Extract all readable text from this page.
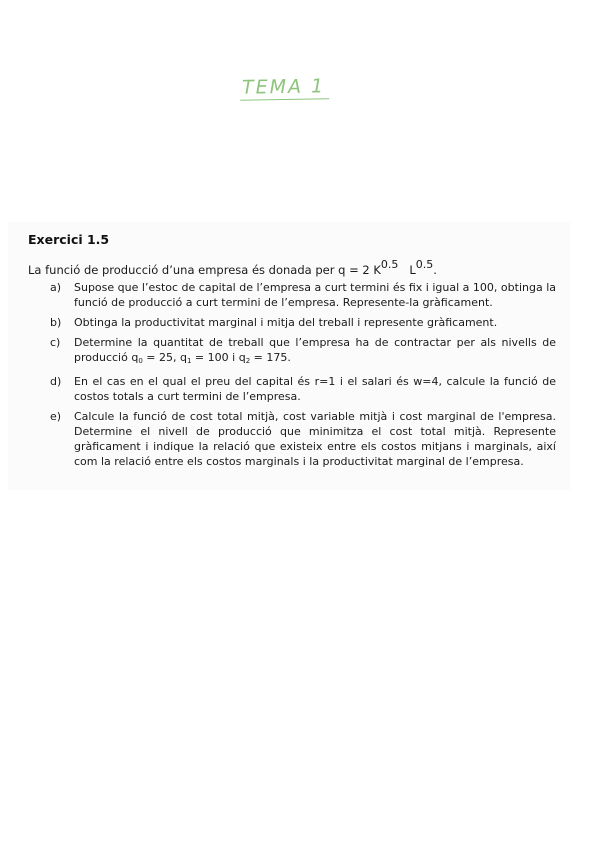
TEMA 1
Exercici 1.5
La funció de producció d’una empresa és donada per q = 2 $K^{0.5}$ $L^{0.5}$.
a) Supose que l’estoc de capital de l’empresa a curt termini és fix i igual a 100, obtinga la funció de producció a curt termini de l’empresa. Represente-la gràficament.
b) Obtinga la productivitat marginal i mitja del treball i represente gràficament.
c) Determine la quantitat de treball que l’empresa ha de contractar per als nivells de producció $q_0 = 25$, $q_1 = 100$ i $q_2 = 175$.
d) En el cas en el qual el preu del capital és r=1 i el salari és w=4, calcule la funció de costos totals a curt termini de l’empresa.
e) Calcule la funció de cost total mitjà, cost variable mitjà i cost marginal de l'empresa. Determine el nivell de producció que minimitza el cost total mitjà. Represente gràficament i indique la relació que existeix entre els costos mitjans i marginals, així com la relació entre els costos marginals i la productivitat marginal de l’empresa.
